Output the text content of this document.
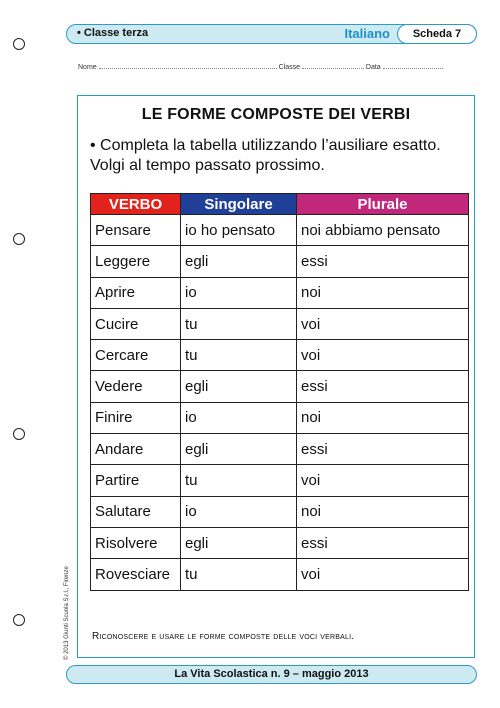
• Classe terza	Italiano	Scheda 7
Nome	Classe	Data
LE FORME COMPOSTE DEI VERBI
• Completa la tabella utilizzando l’ausiliare esatto. Volgi al tempo passato prossimo.
VERBO	Singolare	Plurale
Pensare	io ho pensato	noi abbiamo pensato
Leggere	egli	essi
Aprire	io	noi
Cucire	tu	voi
Cercare	tu	voi
Vedere	egli	essi
Finire	io	noi
Andare	egli	essi
Partire	tu	voi
Salutare	io	noi
Risolvere	egli	essi
Rovesciare	tu	voi
Riconoscere e usare le forme composte delle voci verbali.
La Vita Scolastica n. 9 – maggio 2013
© 2013 Giunti Scuola S.r.l., Firenze
